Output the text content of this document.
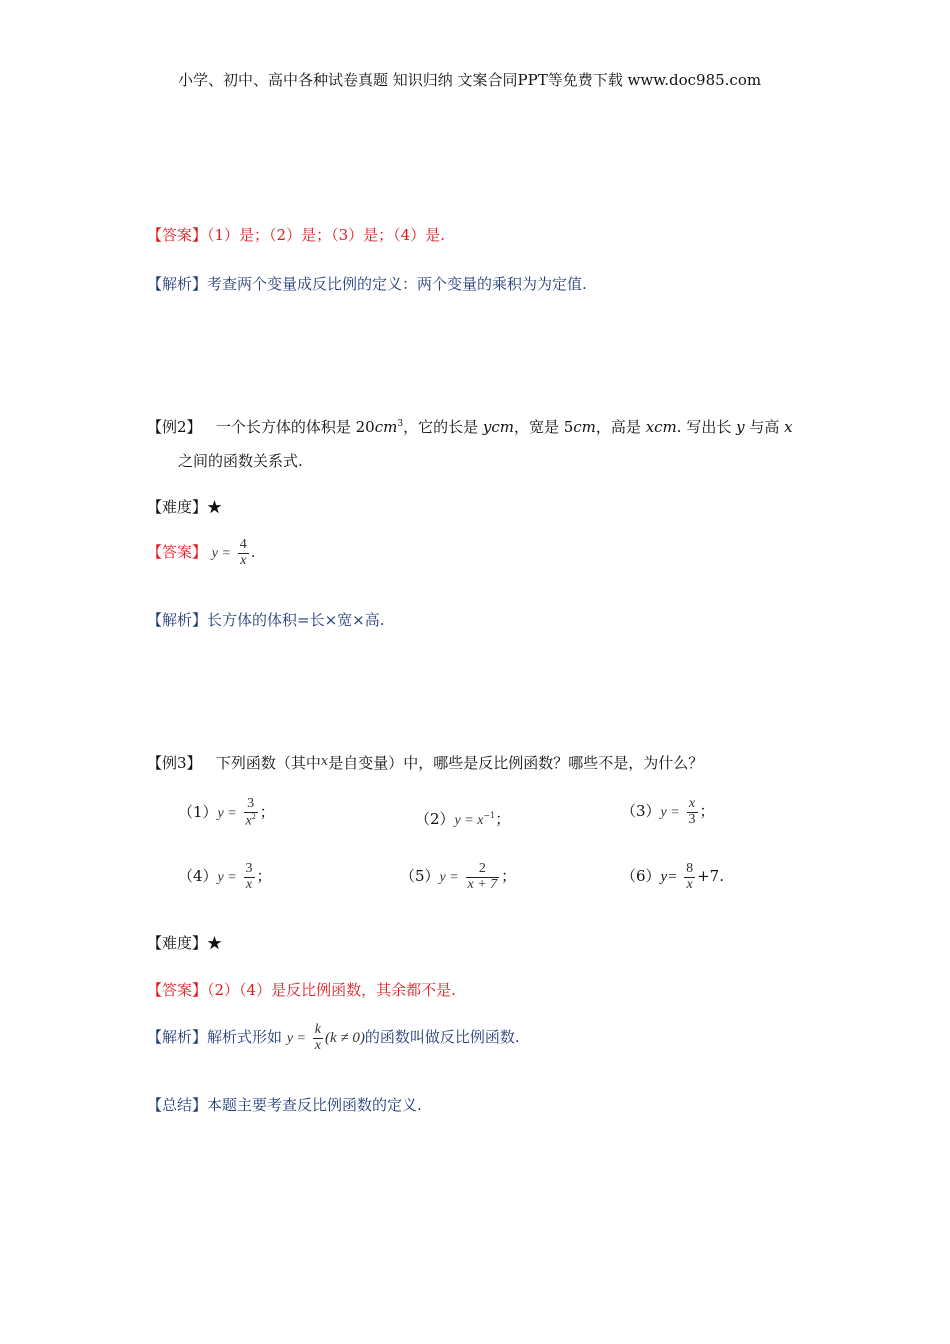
小学、初中、高中各种试卷真题 知识归纳 文案合同PPT等免费下载 www.doc985.com
【答案】（1）是；（2）是；（3）是；（4）是.
【解析】考查两个变量成反比例的定义：两个变量的乘积为为定值.
【例2】 一个长方体的体积是 $20cm^3$，它的长是 ycm，宽是 5cm，高是 xcm. 写出长 y 与高 x
之间的函数关系式.
【难度】★
【答案】 $y = \frac{4}{x}$ .
【解析】长方体的体积=长×宽×高.
【例3】 下列函数（其中x是自变量）中，哪些是反比例函数？哪些不是，为什么？
$(1)y = \frac{3}{x^2}$ ；	$(2)y = x^{-1}$；	$(3)y = \frac{x}{3}$ ；
$(4)y = \frac{3}{x}$ ；	$(5)y = \frac{2}{x + 7}$ ；	$(6)y= \frac{8}{x} +7$.
【难度】★
【答案】（2）（4）是反比例函数，其余都不是.
【解析】解析式形如 $y = \frac{k}{x} (k \ne 0)$的函数叫做反比例函数.
【总结】本题主要考查反比例函数的定义.
